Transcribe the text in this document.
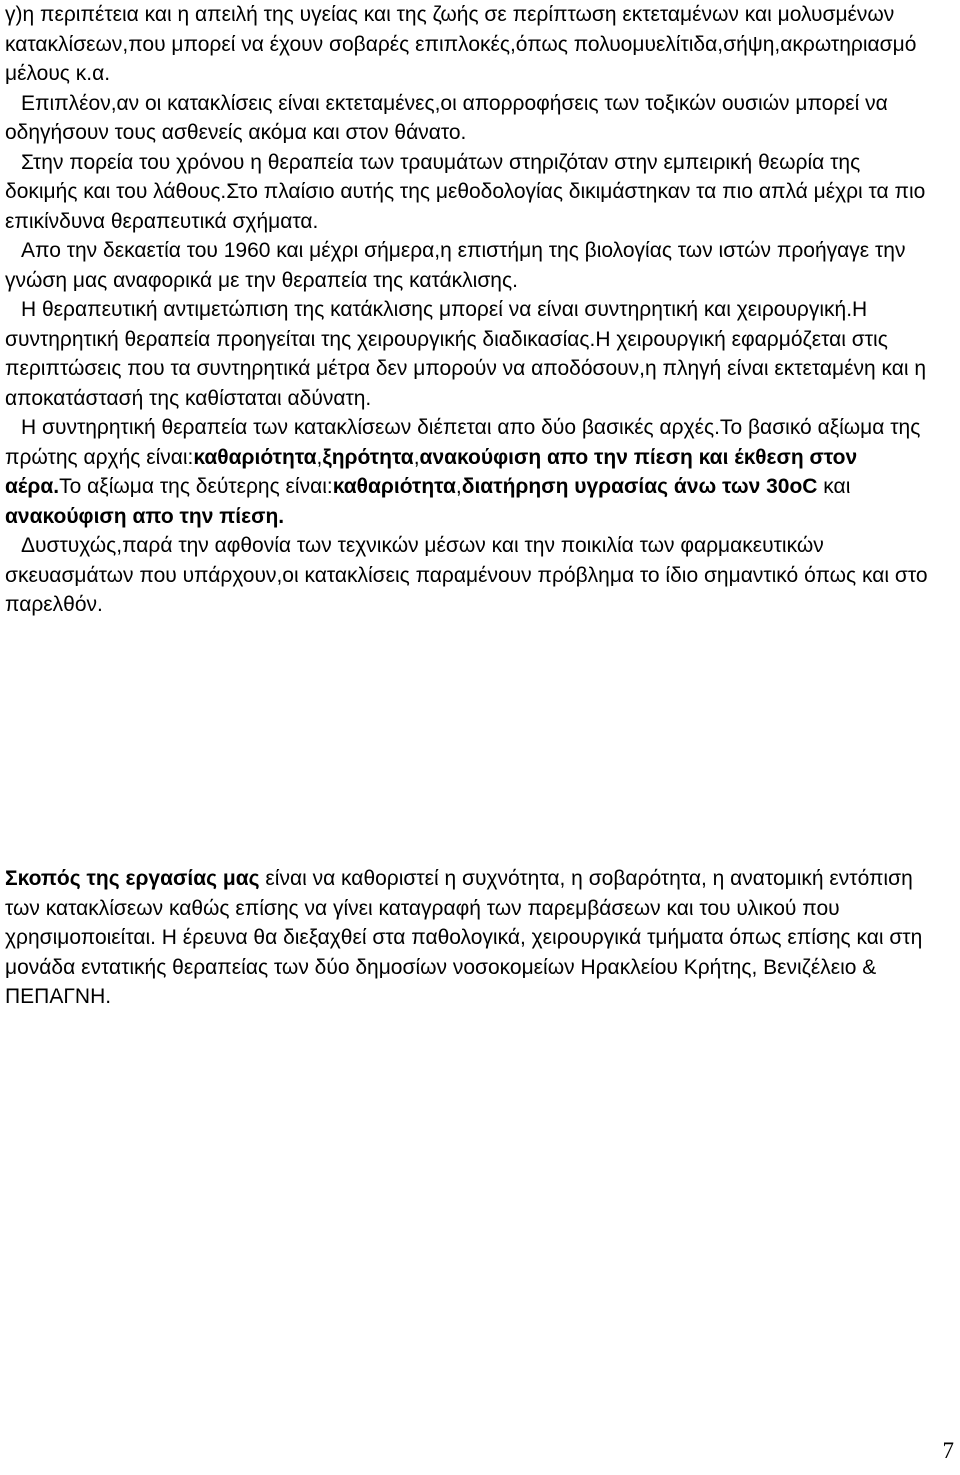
γ)η περιπέτεια και η απειλή της υγείας και της ζωής σε περίπτωση εκτεταμένων και μολυσμένων κατακλίσεων,που μπορεί να έχουν σοβαρές επιπλοκές,όπως πολυομυελίτιδα,σήψη,ακρωτηριασμό μέλους κ.α.

Επιπλέον,αν οι κατακλίσεις είναι εκτεταμένες,οι απορροφήσεις των τοξικών ουσιών μπορεί να οδηγήσουν τους ασθενείς ακόμα και στον θάνατο.

Στην πορεία του χρόνου η θεραπεία των τραυμάτων στηριζόταν στην εμπειρική θεωρία της δοκιμής και του λάθους.Στο πλαίσιο αυτής της μεθοδολογίας δικιμάστηκαν τα πιο απλά μέχρι τα πιο επικίνδυνα θεραπευτικά σχήματα.

Απο την δεκαετία του 1960 και μέχρι σήμερα,η επιστήμη της βιολογίας των ιστών προήγαγε την γνώση μας αναφορικά με την θεραπεία της κατάκλισης.

Η θεραπευτική αντιμετώπιση της κατάκλισης μπορεί να είναι συντηρητική και χειρουργική.Η συντηρητική θεραπεία προηγείται της χειρουργικής διαδικασίας.Η χειρουργική εφαρμόζεται στις περιπτώσεις που τα συντηρητικά μέτρα δεν μπορούν να αποδόσουν,η πληγή είναι εκτεταμένη και η αποκατάστασή της καθίσταται αδύνατη.

Η συντηρητική θεραπεία των κατακλίσεων διέπεται απο δύο βασικές αρχές.Το βασικό αξίωμα της πρώτης αρχής είναι:καθαριότητα,ξηρότητα,ανακούφιση απο την πίεση και έκθεση στον αέρα.Το αξίωμα της δεύτερης είναι:καθαριότητα,διατήρηση υγρασίας άνω των 30οC και ανακούφιση απο την πίεση.

Δυστυχώς,παρά την αφθονία των τεχνικών μέσων και την ποικιλία των φαρμακευτικών σκευασμάτων που υπάρχουν,οι κατακλίσεις παραμένουν πρόβλημα το ίδιο σημαντικό όπως και στο παρελθόν.

Σκοπός της εργασίας μας είναι να καθοριστεί η συχνότητα, η σοβαρότητα, η ανατομική εντόπιση των κατακλίσεων καθώς επίσης να γίνει καταγραφή των παρεμβάσεων και του υλικού που χρησιμοποιείται. Η έρευνα θα διεξαχθεί στα παθολογικά, χειρουργικά τμήματα όπως επίσης και στη μονάδα εντατικής θεραπείας των δύο δημοσίων νοσοκομείων Ηρακλείου Κρήτης, Βενιζέλειο & ΠΕΠΑΓΝΗ.

7
